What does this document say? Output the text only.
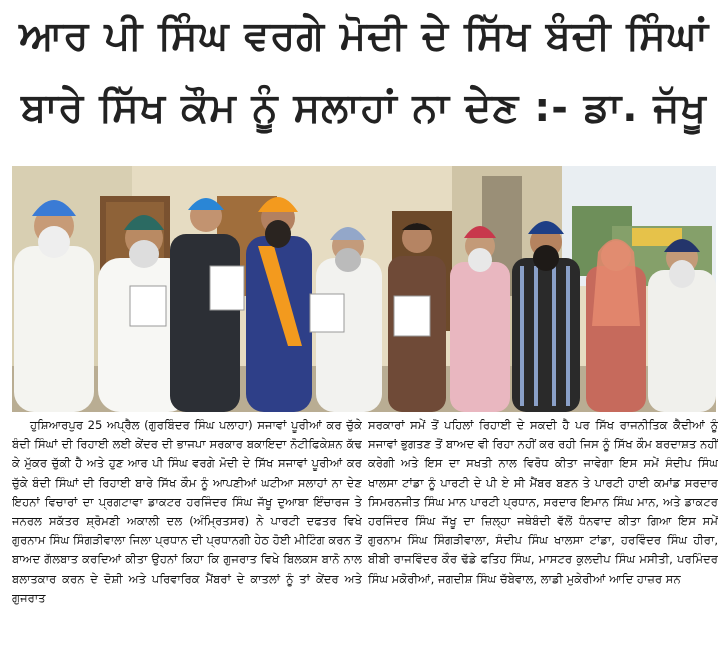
ਆਰ ਪੀ ਸਿੰਘ ਵਰਗੇ ਮੋਦੀ ਦੇ ਸਿੱਖ ਬੰਦੀ ਸਿੰਘਾਂ
ਬਾਰੇ ਸਿੱਖ ਕੌਮ ਨੂੰ ਸਲਾਹਾਂ ਨਾ ਦੇਣ :- ਡਾ. ਜੱਖੂ

ਹੁਸ਼ਿਆਰਪੁਰ 25 ਅਪ੍ਰੈਲ (ਗੁਰਬਿੰਦਰ ਸਿੰਘ ਪਲਾਹਾ) ਸਜਾਵਾਂ ਪੂਰੀਆਂ ਕਰ ਚੁੱਕੇ ਬੰਦੀ ਸਿੰਘਾਂ ਦੀ ਰਿਹਾਈ ਲਈ ਕੇਂਦਰ ਦੀ ਭਾਜਪਾ ਸਰਕਾਰ ਬਕਾਇਦਾ ਨੋਟੀਫਿਕੇਸ਼ਨ ਕੱਢ ਕੇ ਮੁੱਕਰ ਚੁੱਕੀ ਹੈ ਅਤੇ ਹੁਣ ਆਰ ਪੀ ਸਿੰਘ ਵਰਗੇ ਮੋਦੀ ਦੇ ਸਿੱਖ ਸਜਾਵਾਂ ਪੂਰੀਆਂ ਕਰ ਚੁੱਕੇ ਬੰਦੀ ਸਿੰਘਾਂ ਦੀ ਰਿਹਾਈ ਬਾਰੇ ਸਿੱਖ ਕੌਮ ਨੂੰ ਆਪਣੀਆਂ ਘਟੀਆ ਸਲਾਹਾਂ ਨਾ ਦੇਣ ਇਹਨਾਂ ਵਿਚਾਰਾਂ ਦਾ ਪ੍ਰਗਟਾਵਾ ਡਾਕਟਰ ਹਰਜਿੰਦਰ ਸਿੰਘ ਜੱਖੂ ਦੁਆਬਾ ਇੰਚਾਰਜ ਤੇ ਜਨਰਲ ਸਕੱਤਰ ਸ਼੍ਰੋਮਣੀ ਅਕਾਲੀ ਦਲ (ਅੰਮ੍ਰਿਤਸਰ) ਨੇ ਪਾਰਟੀ ਦਫਤਰ ਵਿਖੇ ਗੁਰਨਾਮ ਸਿੰਘ ਸਿੰਗੜੀਵਾਲਾ ਜਿਲਾ ਪ੍ਰਧਾਨ ਦੀ ਪ੍ਰਧਾਨਗੀ ਹੇਠ ਹੋਈ ਮੀਟਿੰਗ ਕਰਨ ਤੋਂ ਬਾਅਦ ਗੱਲਬਾਤ ਕਰਦਿਆਂ ਕੀਤਾ ਉਹਨਾਂ ਕਿਹਾ ਕਿ ਗੁਜਰਾਤ ਵਿਖੇ ਬਿਲਕਸ ਬਾਨੋ ਨਾਲ ਬਲਾਤਕਾਰ ਕਰਨ ਦੇ ਦੋਸ਼ੀ ਅਤੇ ਪਰਿਵਾਰਿਕ ਮੈਂਬਰਾਂ ਦੇ ਕਾਤਲਾਂ ਨੂੰ ਤਾਂ ਕੇਂਦਰ ਅਤੇ ਗੁਜਰਾਤ

ਸਰਕਾਰਾਂ ਸਮੇਂ ਤੋਂ ਪਹਿਲਾਂ ਰਿਹਾਈ ਦੇ ਸਕਦੀ ਹੈ ਪਰ ਸਿੱਖ ਰਾਜਨੀਤਿਕ ਕੈਦੀਆਂ ਨੂੰ ਸਜਾਵਾਂ ਭੁਗਤਣ ਤੋਂ ਬਾਅਦ ਵੀ ਰਿਹਾ ਨਹੀਂ ਕਰ ਰਹੀ ਜਿਸ ਨੂੰ ਸਿੱਖ ਕੌਮ ਬਰਦਾਸ਼ਤ ਨਹੀਂ ਕਰੇਗੀ ਅਤੇ ਇਸ ਦਾ ਸਖਤੀ ਨਾਲ ਵਿਰੋਧ ਕੀਤਾ ਜਾਵੇਗਾ ਇਸ ਸਮੇਂ ਸੰਦੀਪ ਸਿੰਘ ਖਾਲਸਾ ਟਾਂਡਾ ਨੂੰ ਪਾਰਟੀ ਦੇ ਪੀ ਏ ਸੀ ਮੈਂਬਰ ਬਣਨ ਤੇ ਪਾਰਟੀ ਹਾਈ ਕਮਾਂਡ ਸਰਦਾਰ ਸਿਮਰਨਜੀਤ ਸਿੰਘ ਮਾਨ ਪਾਰਟੀ ਪ੍ਰਧਾਨ, ਸਰਦਾਰ ਇਮਾਨ ਸਿੰਘ ਮਾਨ, ਅਤੇ ਡਾਕਟਰ ਹਰਜਿੰਦਰ ਸਿੰਘ ਜੱਖੂ ਦਾ ਜ਼ਿਲ੍ਹਾ ਜਥੇਬੰਦੀ ਵੱਲੋਂ ਧੰਨਵਾਦ ਕੀਤਾ ਗਿਆ ਇਸ ਸਮੇਂ ਗੁਰਨਾਮ ਸਿੰਘ ਸਿੰਗੜੀਵਾਲਾ, ਸੰਦੀਪ ਸਿੰਘ ਖਾਲਸਾ ਟਾਂਡਾ, ਹਰਵਿੰਦਰ ਸਿੰਘ ਹੀਰਾ, ਬੀਬੀ ਰਾਜਵਿੰਦਰ ਕੌਰ ਢੱਡੇ ਫਤਿਹ ਸਿੰਘ, ਮਾਸਟਰ ਕੁਲਦੀਪ ਸਿੰਘ ਮਸੀਤੀ, ਪਰਮਿੰਦਰ ਸਿੰਘ ਮਕੋਰੀਆਂ, ਜਗਦੀਸ਼ ਸਿੰਘ ਚੱਬੇਵਾਲ, ਲਾਡੀ ਮੁਕੇਰੀਆਂ ਆਦਿ ਹਾਜ਼ਰ ਸਨ
